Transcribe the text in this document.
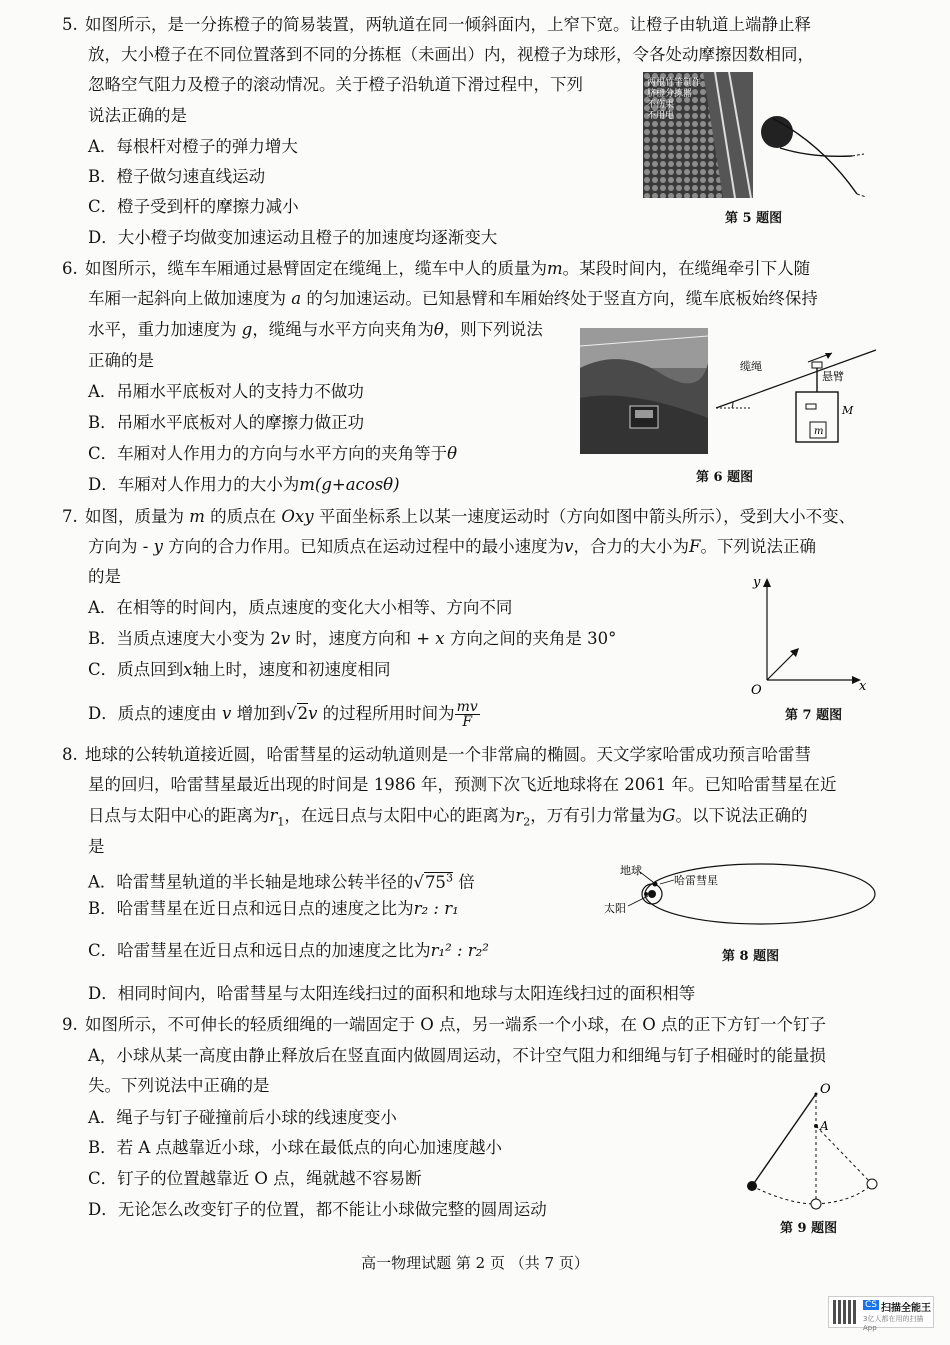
5. 如图所示，是一分拣橙子的简易装置，两轨道在同一倾斜面内，上窄下宽。让橙子由轨道上端静止释
放，大小橙子在不同位置落到不同的分拣框（未画出）内，视橙子为球形，令各处动摩擦因数相同，
忽略空气阻力及橙子的滚动情况。关于橙子沿轨道下滑过程中，下列
说法正确的是
A．每根杆对橙子的弹力增大
B．橙子做匀速直线运动
C．橙子受到杆的摩擦力减小
D．大小橙子均做变加速运动且橙子的加速度均逐渐变大
两根竹竿制作
脐橙分拣器
不伤果
不用电
第 5 题图
6. 如图所示，缆车车厢通过悬臂固定在缆绳上，缆车中人的质量为m。某段时间内，在缆绳牵引下人随
车厢一起斜向上做加速度为 a 的匀加速运动。已知悬臂和车厢始终处于竖直方向，缆车底板始终保持
水平，重力加速度为 g，缆绳与水平方向夹角为θ，则下列说法
正确的是
A．吊厢水平底板对人的支持力不做功
B．吊厢水平底板对人的摩擦力做正功
C．车厢对人作用力的方向与水平方向的夹角等于θ
D．车厢对人作用力的大小为m(g+acosθ)
缆绳
悬臂
M
m
第 6 题图
7. 如图，质量为 m 的质点在 Oxy 平面坐标系上以某一速度运动时（方向如图中箭头所示），受到大小不变、
方向为 - y 方向的合力作用。已知质点在运动过程中的最小速度为v，合力的大小为F。下列说法正确
的是
A．在相等的时间内，质点速度的变化大小相等、方向不同
B．当质点速度大小变为 2v 时，速度方向和 + x 方向之间的夹角是 30°
C．质点回到x轴上时，速度和初速度相同
D．质点的速度由 v 增加到√2v 的过程所用时间为 $\frac{mv}{F}$
y
x
O
第 7 题图
8. 地球的公转轨道接近圆，哈雷彗星的运动轨道则是一个非常扁的椭圆。天文学家哈雷成功预言哈雷彗
星的回归，哈雷彗星最近出现的时间是 1986 年，预测下次飞近地球将在 2061 年。已知哈雷彗星在近
日点与太阳中心的距离为$r_1$，在远日点与太阳中心的距离为$r_2$，万有引力常量为G。以下说法正确的
是
A．哈雷彗星轨道的半长轴是地球公转半径的$√75^3$ 倍
B．哈雷彗星在近日点和远日点的速度之比为r₂ : r₁
C．哈雷彗星在近日点和远日点的加速度之比为r₁² : r₂²
D．相同时间内，哈雷彗星与太阳连线扫过的面积和地球与太阳连线扫过的面积相等
地球
哈雷彗星
太阳
第 8 题图
9. 如图所示，不可伸长的轻质细绳的一端固定于 O 点，另一端系一个小球，在 O 点的正下方钉一个钉子
A，小球从某一高度由静止释放后在竖直面内做圆周运动，不计空气阻力和细绳与钉子相碰时的能量损
失。下列说法中正确的是
A．绳子与钉子碰撞前后小球的线速度变小
B．若 A 点越靠近小球，小球在最低点的向心加速度越小
C．钉子的位置越靠近 O 点，绳就越不容易断
D．无论怎么改变钉子的位置，都不能让小球做完整的圆周运动
O
A
第 9 题图
高一物理试题 第 2 页 （共 7 页）
CS 扫描全能王
3亿人都在用的扫描App
